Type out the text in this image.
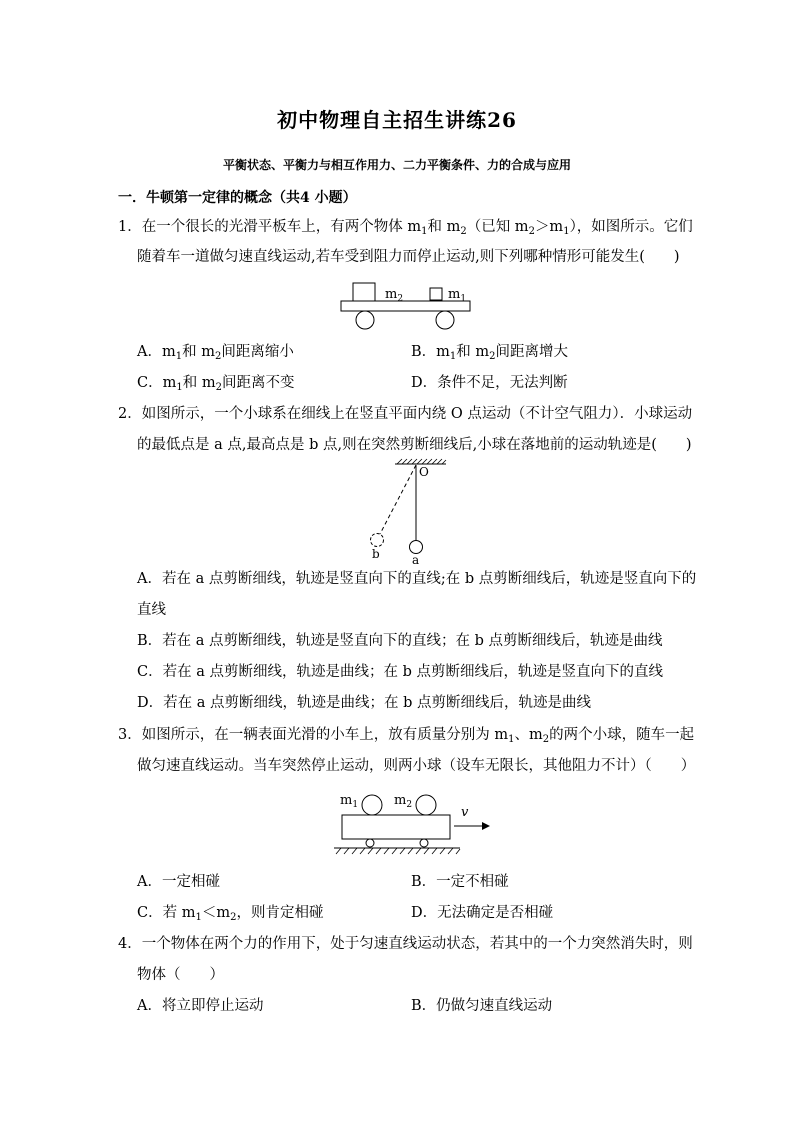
初中物理自主招生讲练26
平衡状态、平衡力与相互作用力、二力平衡条件、力的合成与应用
一．牛顿第一定律的概念（共4 小题）
1．在一个很长的光滑平板车上，有两个物体 $m_1$和 $m_2$（已知 $m_2>m_1$），如图所示。它们
随着车一道做匀速直线运动,若车受到阻力而停止运动,则下列哪种情形可能发生(　　)
$m_2$	$m_1$
A．$m_1$和 $m_2$间距离缩小	B．$m_1$和 $m_2$间距离增大
C．$m_1$和 $m_2$间距离不变	D．条件不足，无法判断
2．如图所示，一个小球系在细线上在竖直平面内绕 O 点运动（不计空气阻力）．小球运动
的最低点是 a 点,最高点是 b 点,则在突然剪断细线后,小球在落地前的运动轨迹是(　　)
O
b	a
A．若在 a 点剪断细线，轨迹是竖直向下的直线;在 b 点剪断细线后，轨迹是竖直向下的
直线
B．若在 a 点剪断细线，轨迹是竖直向下的直线；在 b 点剪断细线后，轨迹是曲线
C．若在 a 点剪断细线，轨迹是曲线；在 b 点剪断细线后，轨迹是竖直向下的直线
D．若在 a 点剪断细线，轨迹是曲线；在 b 点剪断细线后，轨迹是曲线
3．如图所示，在一辆表面光滑的小车上，放有质量分别为 $m_1$、$m_2$的两个小球，随车一起
做匀速直线运动。当车突然停止运动，则两小球（设车无限长，其他阻力不计）（　　）
$m_1$	$m_2$	v
A．一定相碰	B．一定不相碰
C．若 $m_1<m_2$，则肯定相碰	D．无法确定是否相碰
4．一个物体在两个力的作用下，处于匀速直线运动状态，若其中的一个力突然消失时，则
物体（　　）
A．将立即停止运动	B．仍做匀速直线运动
